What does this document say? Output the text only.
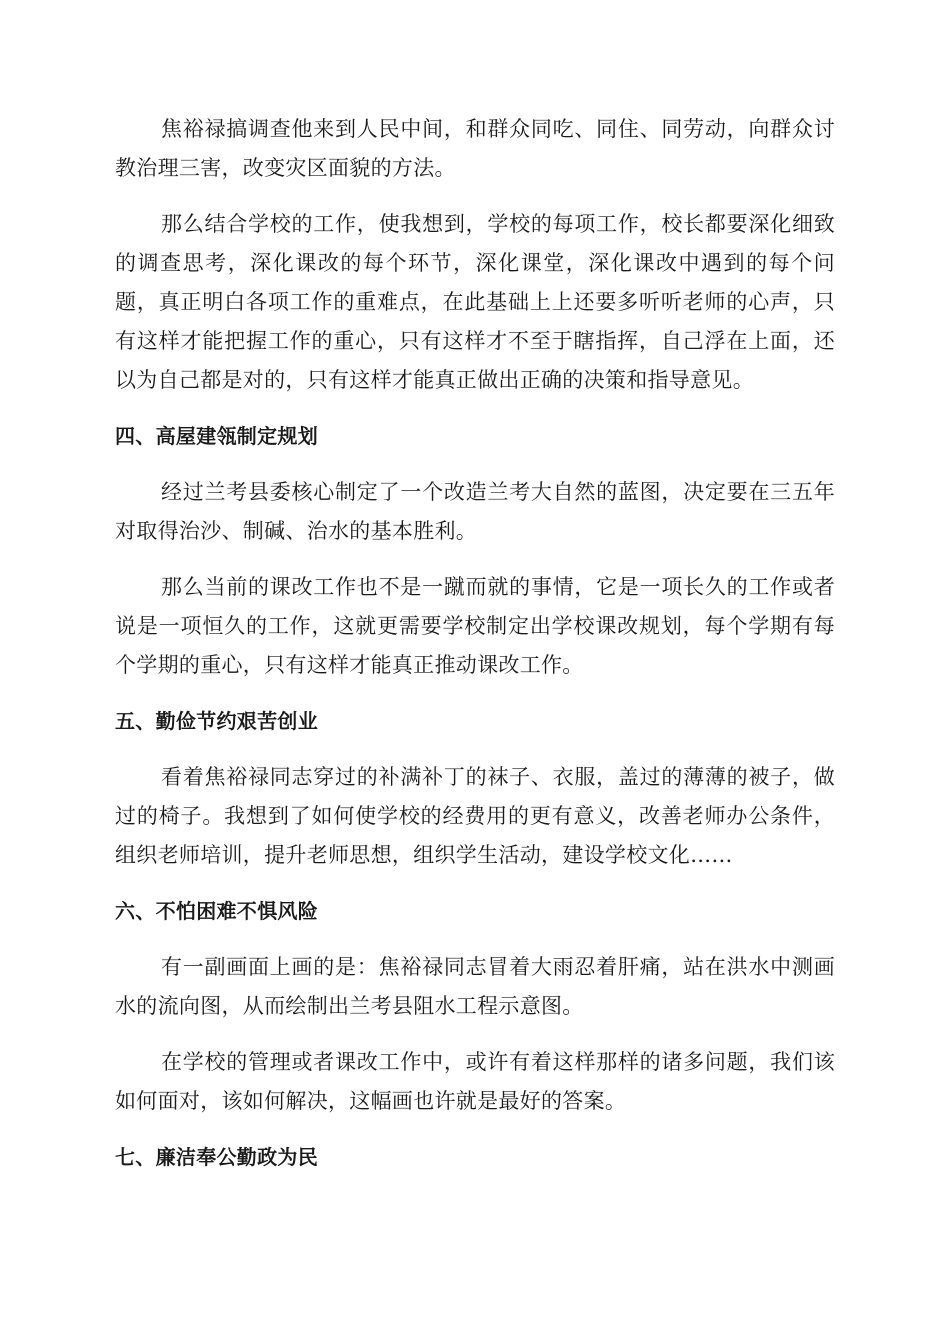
焦裕禄搞调查他来到人民中间，和群众同吃、同住、同劳动，向群众讨教治理三害，改变灾区面貌的方法。

那么结合学校的工作，使我想到，学校的每项工作，校长都要深化细致的调查思考，深化课改的每个环节，深化课堂，深化课改中遇到的每个问题，真正明白各项工作的重难点，在此基础上上还要多听听老师的心声，只有这样才能把握工作的重心，只有这样才不至于瞎指挥，自己浮在上面，还以为自己都是对的，只有这样才能真正做出正确的决策和指导意见。

四、高屋建瓴制定规划

经过兰考县委核心制定了一个改造兰考大自然的蓝图，决定要在三五年对取得治沙、制碱、治水的基本胜利。

那么当前的课改工作也不是一蹴而就的事情，它是一项长久的工作或者说是一项恒久的工作，这就更需要学校制定出学校课改规划，每个学期有每个学期的重心，只有这样才能真正推动课改工作。

五、勤俭节约艰苦创业

看着焦裕禄同志穿过的补满补丁的袜子、衣服，盖过的薄薄的被子，做过的椅子。我想到了如何使学校的经费用的更有意义，改善老师办公条件，组织老师培训，提升老师思想，组织学生活动，建设学校文化……

六、不怕困难不惧风险

有一副画面上画的是：焦裕禄同志冒着大雨忍着肝痛，站在洪水中测画水的流向图，从而绘制出兰考县阻水工程示意图。

在学校的管理或者课改工作中，或许有着这样那样的诸多问题，我们该如何面对，该如何解决，这幅画也许就是最好的答案。

七、廉洁奉公勤政为民
